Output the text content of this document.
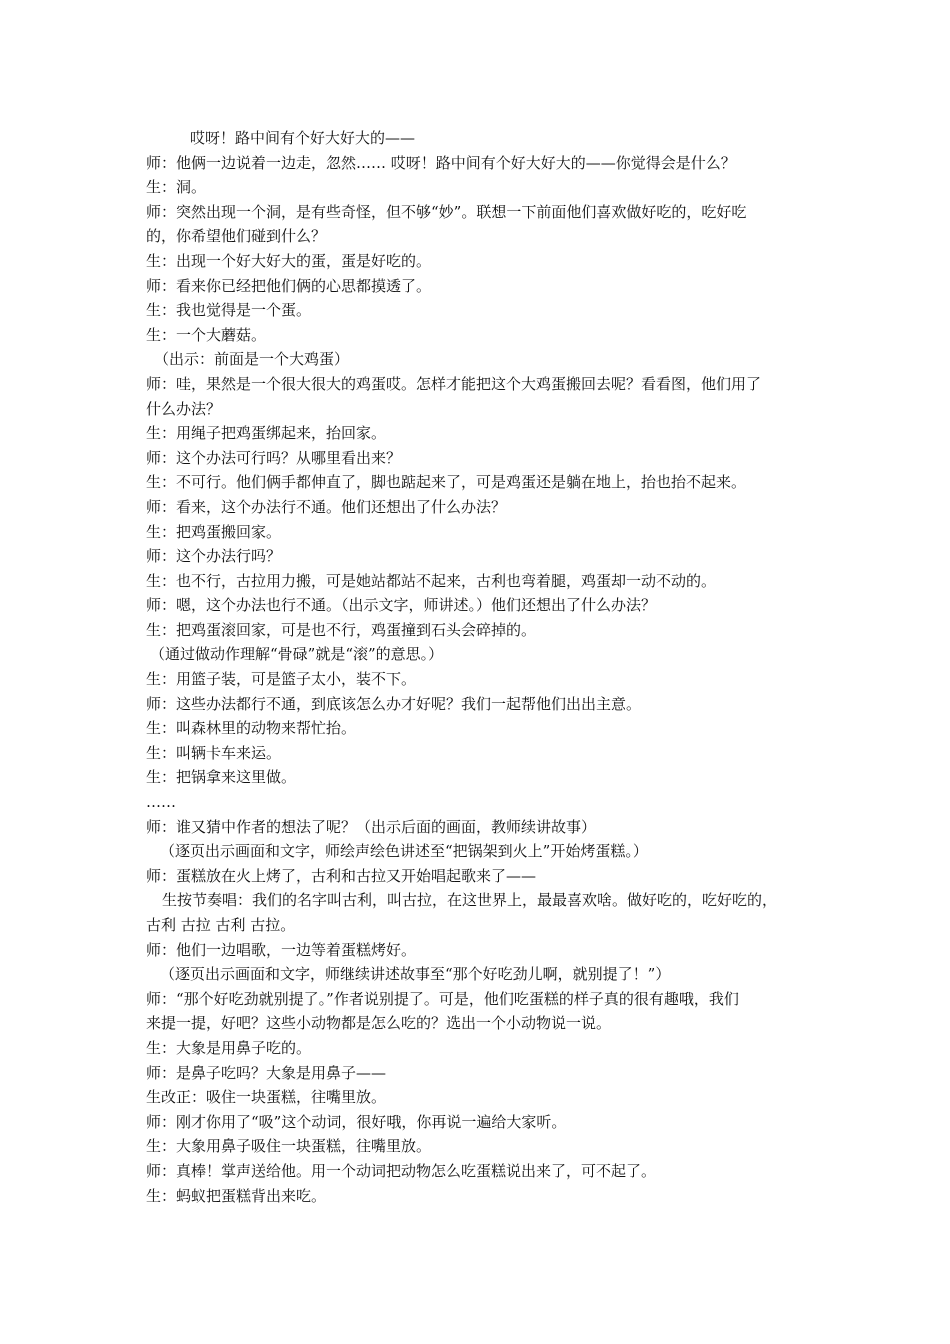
哎呀！路中间有个好大好大的——
师：他俩一边说着一边走，忽然…… 哎呀！路中间有个好大好大的——你觉得会是什么？
生：洞。
师：突然出现一个洞，是有些奇怪，但不够“妙”。联想一下前面他们喜欢做好吃的，吃好吃
的，你希望他们碰到什么？
生：出现一个好大好大的蛋，蛋是好吃的。
师：看来你已经把他们俩的心思都摸透了。
生：我也觉得是一个蛋。
生：一个大蘑菇。
（出示：前面是一个大鸡蛋）
师：哇，果然是一个很大很大的鸡蛋哎。怎样才能把这个大鸡蛋搬回去呢？看看图，他们用了
什么办法？
生：用绳子把鸡蛋绑起来，抬回家。
师：这个办法可行吗？从哪里看出来？
生：不可行。他们俩手都伸直了，脚也踮起来了，可是鸡蛋还是躺在地上，抬也抬不起来。
师：看来，这个办法行不通。他们还想出了什么办法？
生：把鸡蛋搬回家。
师：这个办法行吗？
生：也不行，古拉用力搬，可是她站都站不起来，古利也弯着腿，鸡蛋却一动不动的。
师：嗯，这个办法也行不通。（出示文字，师讲述。）他们还想出了什么办法？
生：把鸡蛋滚回家，可是也不行，鸡蛋撞到石头会碎掉的。
（通过做动作理解“骨碌”就是“滚”的意思。）
生：用篮子装，可是篮子太小，装不下。
师：这些办法都行不通，到底该怎么办才好呢？我们一起帮他们出出主意。
生：叫森林里的动物来帮忙抬。
生：叫辆卡车来运。
生：把锅拿来这里做。
……
师：谁又猜中作者的想法了呢？（出示后面的画面，教师续讲故事）
（逐页出示画面和文字，师绘声绘色讲述至“把锅架到火上”开始烤蛋糕。）
师：蛋糕放在火上烤了，古利和古拉又开始唱起歌来了——
生按节奏唱：我们的名字叫古利，叫古拉，在这世界上，最最喜欢啥。做好吃的，吃好吃的，
古利 古拉 古利 古拉。
师：他们一边唱歌，一边等着蛋糕烤好。
（逐页出示画面和文字，师继续讲述故事至“那个好吃劲儿啊，就别提了！”）
师：“那个好吃劲就别提了。”作者说别提了。可是，他们吃蛋糕的样子真的很有趣哦，我们
来提一提，好吧？这些小动物都是怎么吃的？选出一个小动物说一说。
生：大象是用鼻子吃的。
师：是鼻子吃吗？大象是用鼻子——
生改正：吸住一块蛋糕，往嘴里放。
师：刚才你用了“吸”这个动词，很好哦，你再说一遍给大家听。
生：大象用鼻子吸住一块蛋糕，往嘴里放。
师：真棒！掌声送给他。用一个动词把动物怎么吃蛋糕说出来了，可不起了。
生：蚂蚁把蛋糕背出来吃。
